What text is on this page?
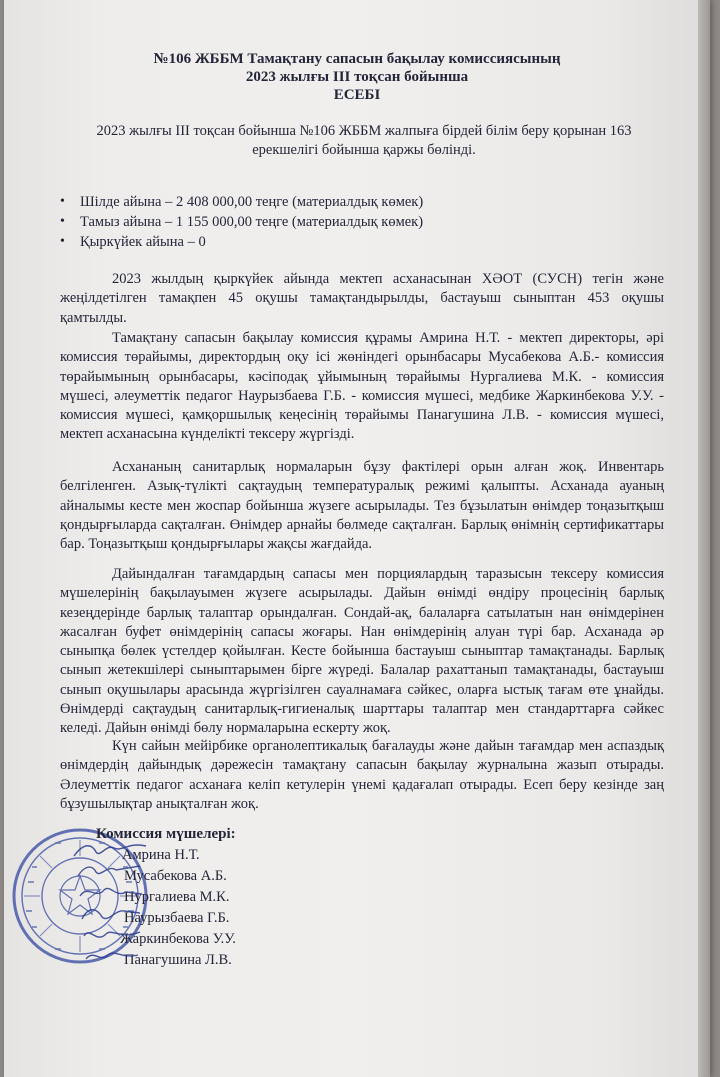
№106 ЖББМ Тамақтану сапасын бақылау комиссиясының
2023 жылғы III тоқсан бойынша
ЕСЕБІ
2023 жылғы III тоқсан бойынша №106 ЖББМ жалпыға бірдей білім беру қорынан 163
ерекшелігі бойынша қаржы бөлінді.
• Шілде айына – 2 408 000,00 теңге (материалдық көмек)
• Тамыз айына – 1 155 000,00 теңге (материалдық көмек)
• Қыркүйек айына – 0

2023 жылдың қыркүйек айында мектеп асханасынан ХӘОТ (СУСН) тегін және жеңілдетілген тамақпен 45 оқушы тамақтандырылды, бастауыш сыныптан 453 оқушы қамтылды.

Тамақтану сапасын бақылау комиссия құрамы Амрина Н.Т. - мектеп директоры, әрі комиссия төрайымы, директордың оқу ісі жөніндегі орынбасары Мусабекова А.Б.- комиссия төрайымының орынбасары, кәсіподақ ұйымының төрайымы Нургалиева М.К. - комиссия мүшесі, әлеуметтік педагог Наурызбаева Г.Б. - комиссия мүшесі, медбике Жаркинбекова У.У. - комиссия мүшесі, қамқоршылық кеңесінің төрайымы Панагушина Л.В. - комиссия мүшесі, мектеп асханасына күнделікті тексеру жүргізді.

Асхананың санитарлық нормаларын бұзу фактілері орын алған жоқ. Инвентарь белгіленген. Азық-түлікті сақтаудың температуралық режимі қалыпты. Асханада ауаның айналымы кесте мен жоспар бойынша жүзеге асырылады. Тез бұзылатын өнімдер тоңазытқыш қондырғыларда сақталған. Өнімдер арнайы бөлмеде сақталған. Барлық өнімнің сертификаттары бар. Тоңазытқыш қондырғылары жақсы жағдайда.

Дайындалған тағамдардың сапасы мен порциялардың таразысын тексеру комиссия мүшелерінің бақылауымен жүзеге асырылады. Дайын өнімді өндіру процесінің барлық кезеңдерінде барлық талаптар орындалған. Сондай-ақ, балаларға сатылатын нан өнімдерінен жасалған буфет өнімдерінің сапасы жоғары. Нан өнімдерінің алуан түрі бар. Асханада әр сыныпқа бөлек үстелдер қойылған. Кесте бойынша бастауыш сыныптар тамақтанады. Барлық сынып жетекшілері сыныптарымен бірге жүреді. Балалар рахаттанып тамақтанады, бастауыш сынып оқушылары арасында жүргізілген сауалнамаға сәйкес, оларға ыстық тағам өте ұнайды. Өнімдерді сақтаудың санитарлық-гигиеналық шарттары талаптар мен стандарттарға сәйкес келеді. Дайын өнімді бөлу нормаларына ескерту жоқ.

Күн сайын мейірбике органолептикалық бағалауды және дайын тағамдар мен аспаздық өнімдердің дайындық дәрежесін тамақтану сапасын бақылау журналына жазып отырады. Әлеуметтік педагог асханаға келіп кетулерін үнемі қадағалап отырады. Есеп беру кезінде заң бұзушылықтар анықталған жоқ.

Комиссия мүшелері:
Амрина Н.Т.
Мусабекова А.Б.
Нургалиева М.К.
Наурызбаева Г.Б.
Жаркинбекова У.У.
Панагушина Л.В.
